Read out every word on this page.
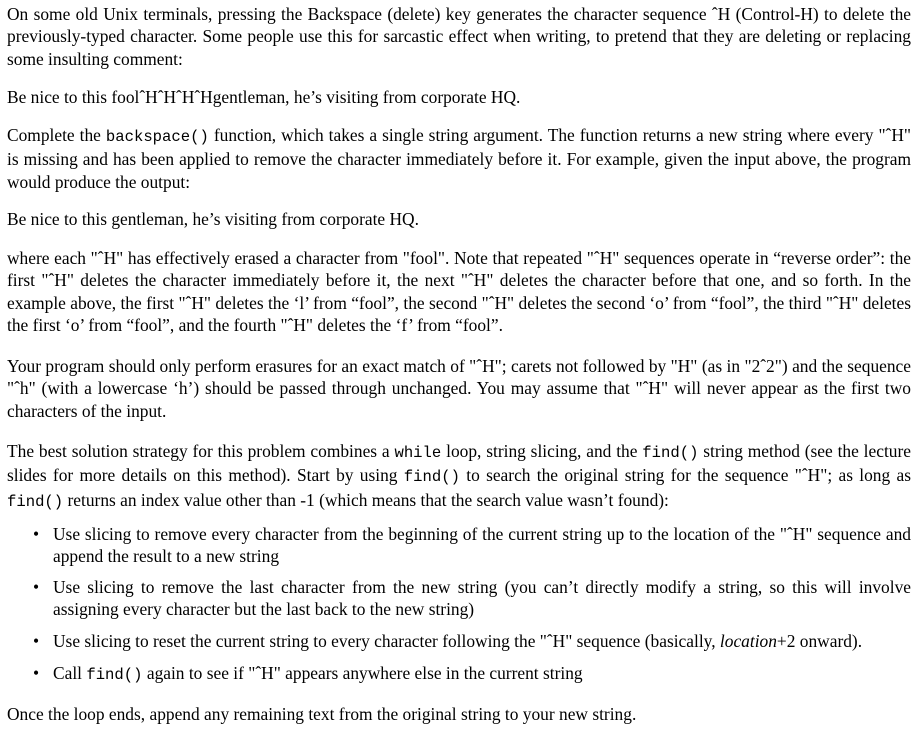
On some old Unix terminals, pressing the Backspace (delete) key generates the character sequence ˆH (Control-H) to delete the previously-typed character. Some people use this for sarcastic effect when writing, to pretend that they are deleting or replacing some insulting comment:

Be nice to this foolˆHˆHˆHˆHgentleman, he’s visiting from corporate HQ.

Complete the backspace() function, which takes a single string argument. The function returns a new string where every "ˆH" is missing and has been applied to remove the character immediately before it. For example, given the input above, the program would produce the output:

Be nice to this gentleman, he’s visiting from corporate HQ.

where each "ˆH" has effectively erased a character from "fool". Note that repeated "ˆH" sequences operate in “reverse order”: the first "ˆH" deletes the character immediately before it, the next "ˆH" deletes the character before that one, and so forth. In the example above, the first "ˆH" deletes the ‘l’ from “fool”, the second "ˆH" deletes the second ‘o’ from “fool”, the third "ˆH" deletes the first ‘o’ from “fool”, and the fourth "ˆH" deletes the ‘f’ from “fool”.

Your program should only perform erasures for an exact match of "ˆH"; carets not followed by "H" (as in "2ˆ2") and the sequence "ˆh" (with a lowercase ‘h’) should be passed through unchanged. You may assume that "ˆH" will never appear as the first two characters of the input.

The best solution strategy for this problem combines a while loop, string slicing, and the find() string method (see the lecture slides for more details on this method). Start by using find() to search the original string for the sequence "ˆH"; as long as find() returns an index value other than -1 (which means that the search value wasn’t found):

• Use slicing to remove every character from the beginning of the current string up to the location of the "ˆH" sequence and append the result to a new string
• Use slicing to remove the last character from the new string (you can’t directly modify a string, so this will involve assigning every character but the last back to the new string)
• Use slicing to reset the current string to every character following the "ˆH" sequence (basically, location+2 onward).
• Call find() again to see if "ˆH" appears anywhere else in the current string

Once the loop ends, append any remaining text from the original string to your new string.
